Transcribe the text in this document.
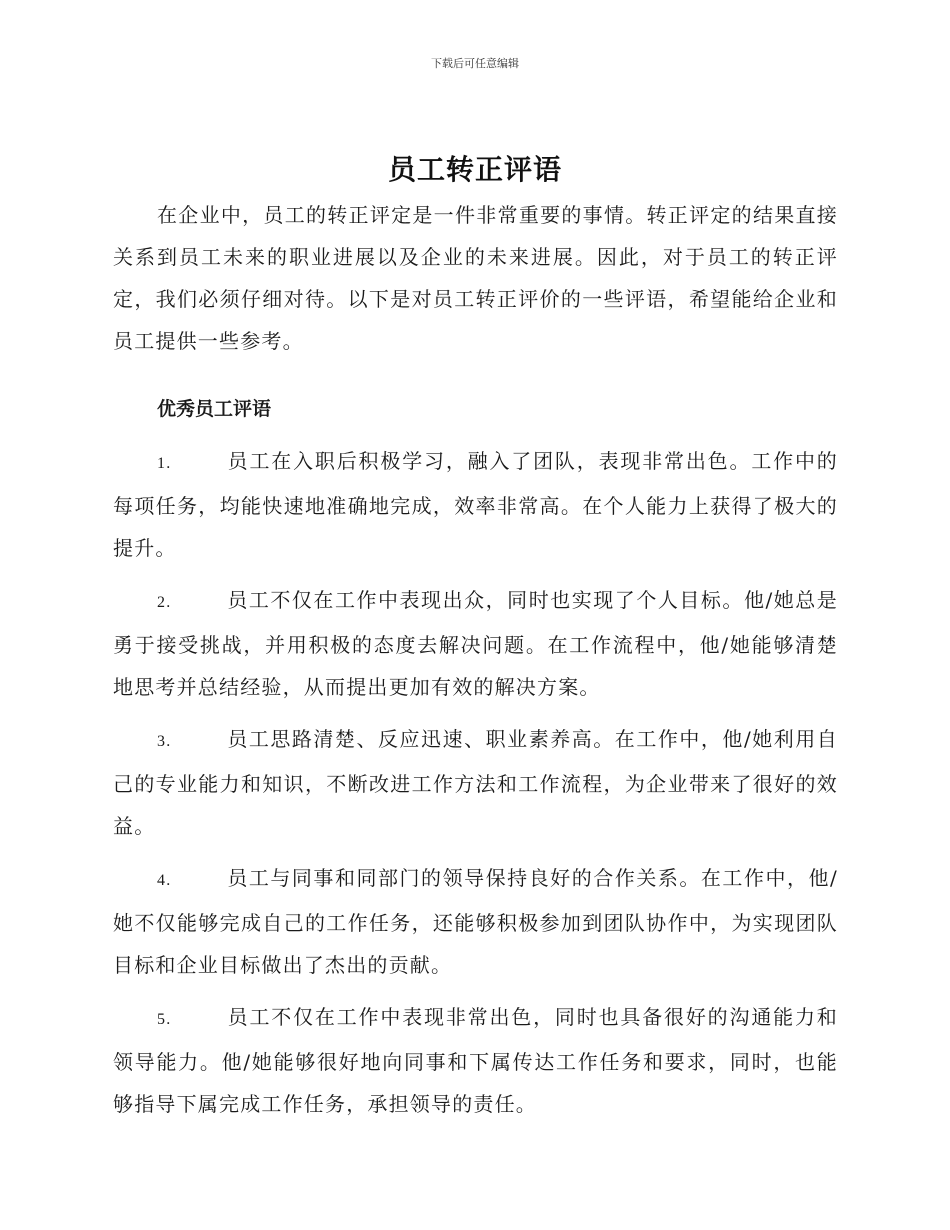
下载后可任意编辑
员工转正评语

在企业中，员工的转正评定是一件非常重要的事情。转正评定的结果直接关系到员工未来的职业进展以及企业的未来进展。因此，对于员工的转正评定，我们必须仔细对待。以下是对员工转正评价的一些评语，希望能给企业和员工提供一些参考。

优秀员工评语
1.	员工在入职后积极学习，融入了团队，表现非常出色。工作中的每项任务，均能快速地准确地完成，效率非常高。在个人能力上获得了极大的提升。
2.	员工不仅在工作中表现出众，同时也实现了个人目标。他/她总是勇于接受挑战，并用积极的态度去解决问题。在工作流程中，他/她能够清楚地思考并总结经验，从而提出更加有效的解决方案。
3.	员工思路清楚、反应迅速、职业素养高。在工作中，他/她利用自己的专业能力和知识，不断改进工作方法和工作流程，为企业带来了很好的效益。
4.	员工与同事和同部门的领导保持良好的合作关系。在工作中，他/她不仅能够完成自己的工作任务，还能够积极参加到团队协作中，为实现团队目标和企业目标做出了杰出的贡献。
5.	员工不仅在工作中表现非常出色，同时也具备很好的沟通能力和领导能力。他/她能够很好地向同事和下属传达工作任务和要求，同时，也能够指导下属完成工作任务，承担领导的责任。
